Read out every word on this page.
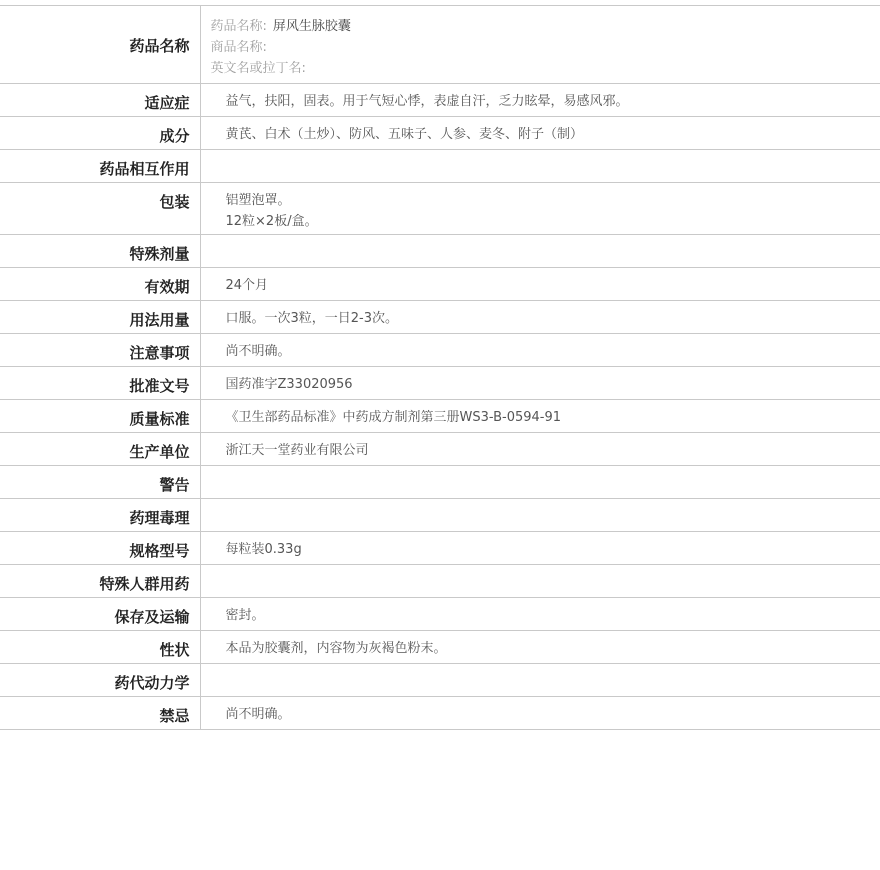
药品名称	药品名称: 屏风生脉胶囊
商品名称:
英文名或拉丁名:

适应症	益气，扶阳，固表。用于气短心悸，表虚自汗，乏力眩晕，易感风邪。

成分	黄芪、白术（土炒）、防风、五味子、人参、麦冬、附子（制）

药品相互作用	

包装	铝塑泡罩。
12粒×2板/盒。

特殊剂量	

有效期	24个月

用法用量	口服。一次3粒，一日2-3次。

注意事项	尚不明确。

批准文号	国药准字Z33020956

质量标准	《卫生部药品标准》中药成方制剂第三册WS3-B-0594-91

生产单位	浙江天一堂药业有限公司

警告	

药理毒理	

规格型号	每粒装0.33g

特殊人群用药	

保存及运输	密封。

性状	本品为胶囊剂，内容物为灰褐色粉末。

药代动力学	

禁忌	尚不明确。
